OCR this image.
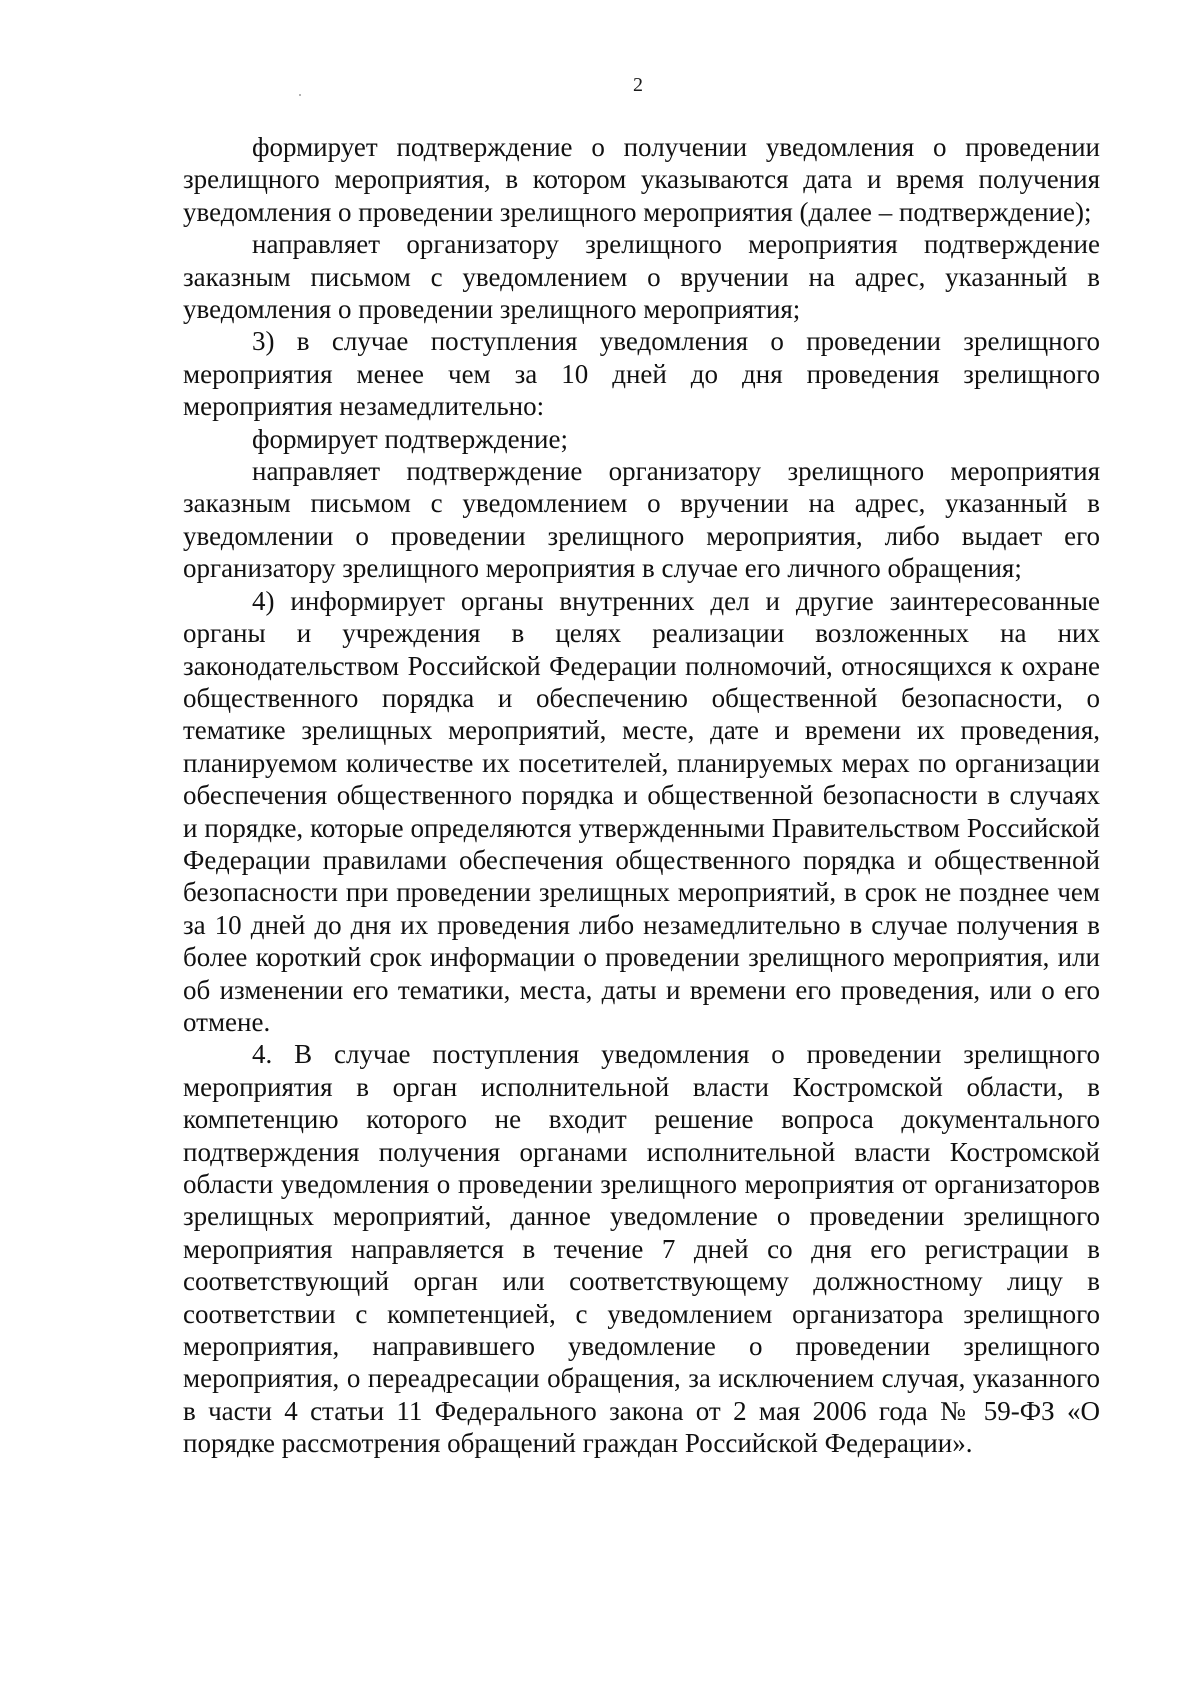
2

формирует подтверждение о получении уведомления о проведении зрелищного мероприятия, в котором указываются дата и время получения уведомления о проведении зрелищного мероприятия (далее – подтверждение);

направляет организатору зрелищного мероприятия подтверждение заказным письмом с уведомлением о вручении на адрес, указанный в уведомления о проведении зрелищного мероприятия;

3) в случае поступления уведомления о проведении зрелищного мероприятия менее чем за 10 дней до дня проведения зрелищного мероприятия незамедлительно:

формирует подтверждение;

направляет подтверждение организатору зрелищного мероприятия заказным письмом с уведомлением о вручении на адрес, указанный в уведомлении о проведении зрелищного мероприятия, либо выдает его организатору зрелищного мероприятия в случае его личного обращения;

4) информирует органы внутренних дел и другие заинтересованные органы и учреждения в целях реализации возложенных на них законодательством Российской Федерации полномочий, относящихся к охране общественного порядка и обеспечению общественной безопасности, о тематике зрелищных мероприятий, месте, дате и времени их проведения, планируемом количестве их посетителей, планируемых мерах по организации обеспечения общественного порядка и общественной безопасности в случаях и порядке, которые определяются утвержденными Правительством Российской Федерации правилами обеспечения общественного порядка и общественной безопасности при проведении зрелищных мероприятий, в срок не позднее чем за 10 дней до дня их проведения либо незамедлительно в случае получения в более короткий срок информации о проведении зрелищного мероприятия, или об изменении его тематики, места, даты и времени его проведения, или о его отмене.

4. В случае поступления уведомления о проведении зрелищного мероприятия в орган исполнительной власти Костромской области, в компетенцию которого не входит решение вопроса документального подтверждения получения органами исполнительной власти Костромской области уведомления о проведении зрелищного мероприятия от организаторов зрелищных мероприятий, данное уведомление о проведении зрелищного мероприятия направляется в течение 7 дней со дня его регистрации в соответствующий орган или соответствующему должностному лицу в соответствии с компетенцией, с уведомлением организатора зрелищного мероприятия, направившего уведомление о проведении зрелищного мероприятия, о переадресации обращения, за исключением случая, указанного в части 4 статьи 11 Федерального закона от 2 мая 2006 года № 59-ФЗ «О порядке рассмотрения обращений граждан Российской Федерации».
